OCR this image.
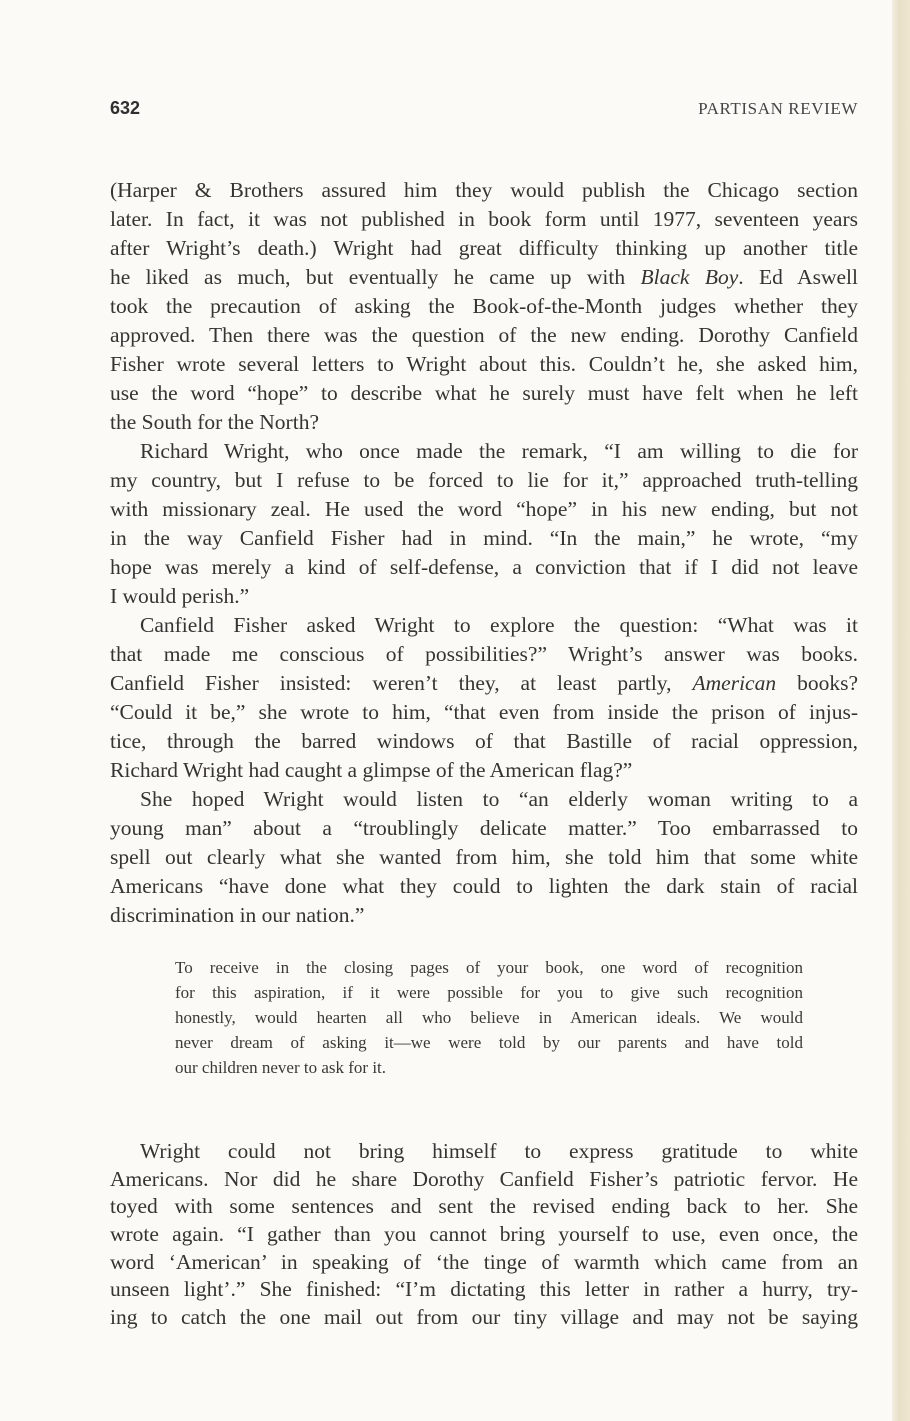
632	PARTISAN REVIEW
(Harper & Brothers assured him they would publish the Chicago section
later. In fact, it was not published in book form until 1977, seventeen years
after Wright’s death.) Wright had great difficulty thinking up another title
he liked as much, but eventually he came up with Black Boy. Ed Aswell
took the precaution of asking the Book-of-the-Month judges whether they
approved. Then there was the question of the new ending. Dorothy Canfield
Fisher wrote several letters to Wright about this. Couldn’t he, she asked him,
use the word “hope” to describe what he surely must have felt when he left
the South for the North?
Richard Wright, who once made the remark, “I am willing to die for
my country, but I refuse to be forced to lie for it,” approached truth-telling
with missionary zeal. He used the word “hope” in his new ending, but not
in the way Canfield Fisher had in mind. “In the main,” he wrote, “my
hope was merely a kind of self-defense, a conviction that if I did not leave
I would perish.”
Canfield Fisher asked Wright to explore the question: “What was it
that made me conscious of possibilities?” Wright’s answer was books.
Canfield Fisher insisted: weren’t they, at least partly, American books?
“Could it be,” she wrote to him, “that even from inside the prison of injus-
tice, through the barred windows of that Bastille of racial oppression,
Richard Wright had caught a glimpse of the American flag?”
She hoped Wright would listen to “an elderly woman writing to a
young man” about a “troublingly delicate matter.” Too embarrassed to
spell out clearly what she wanted from him, she told him that some white
Americans “have done what they could to lighten the dark stain of racial
discrimination in our nation.”
To receive in the closing pages of your book, one word of recognition
for this aspiration, if it were possible for you to give such recognition
honestly, would hearten all who believe in American ideals. We would
never dream of asking it—we were told by our parents and have told
our children never to ask for it.
Wright could not bring himself to express gratitude to white
Americans. Nor did he share Dorothy Canfield Fisher’s patriotic fervor. He
toyed with some sentences and sent the revised ending back to her. She
wrote again. “I gather than you cannot bring yourself to use, even once, the
word ‘American’ in speaking of ‘the tinge of warmth which came from an
unseen light’.” She finished: “I’m dictating this letter in rather a hurry, try-
ing to catch the one mail out from our tiny village and may not be saying
